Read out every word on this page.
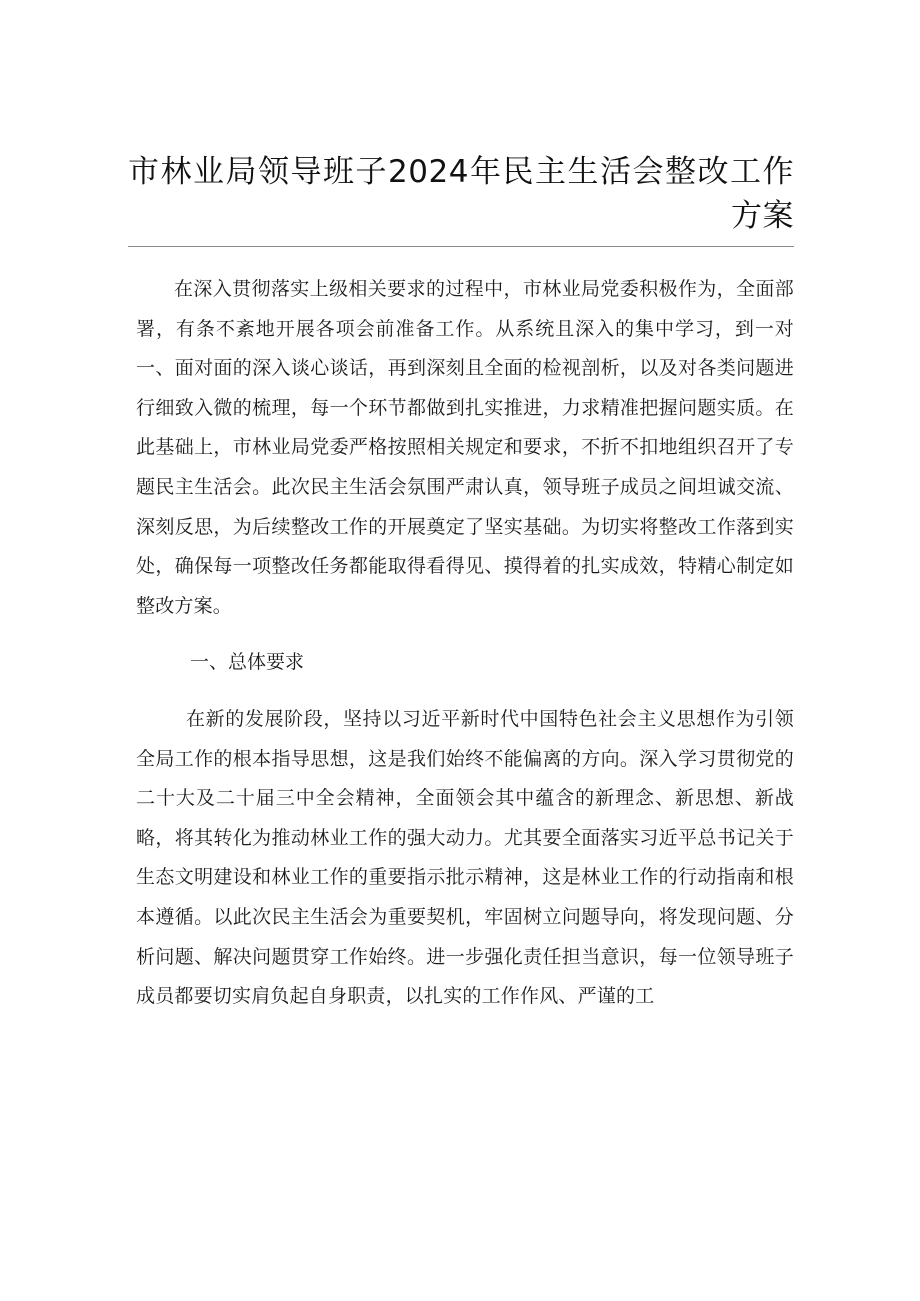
市林业局领导班子2024年民主生活会整改工作方案

在深入贯彻落实上级相关要求的过程中，市林业局党委积极作为，全面部署，有条不紊地开展各项会前准备工作。从系统且深入的集中学习，到一对一、面对面的深入谈心谈话，再到深刻且全面的检视剖析，以及对各类问题进行细致入微的梳理，每一个环节都做到扎实推进，力求精准把握问题实质。在此基础上，市林业局党委严格按照相关规定和要求，不折不扣地组织召开了专题民主生活会。此次民主生活会氛围严肃认真，领导班子成员之间坦诚交流、深刻反思，为后续整改工作的开展奠定了坚实基础。为切实将整改工作落到实处，确保每一项整改任务都能取得看得见、摸得着的扎实成效，特精心制定如整改方案。

一、总体要求

在新的发展阶段，坚持以习近平新时代中国特色社会主义思想作为引领全局工作的根本指导思想，这是我们始终不能偏离的方向。深入学习贯彻党的二十大及二十届三中全会精神，全面领会其中蕴含的新理念、新思想、新战略，将其转化为推动林业工作的强大动力。尤其要全面落实习近平总书记关于生态文明建设和林业工作的重要指示批示精神，这是林业工作的行动指南和根本遵循。以此次民主生活会为重要契机，牢固树立问题导向，将发现问题、分析问题、解决问题贯穿工作始终。进一步强化责任担当意识，每一位领导班子成员都要切实肩负起自身职责，以扎实的工作作风、严谨的工
